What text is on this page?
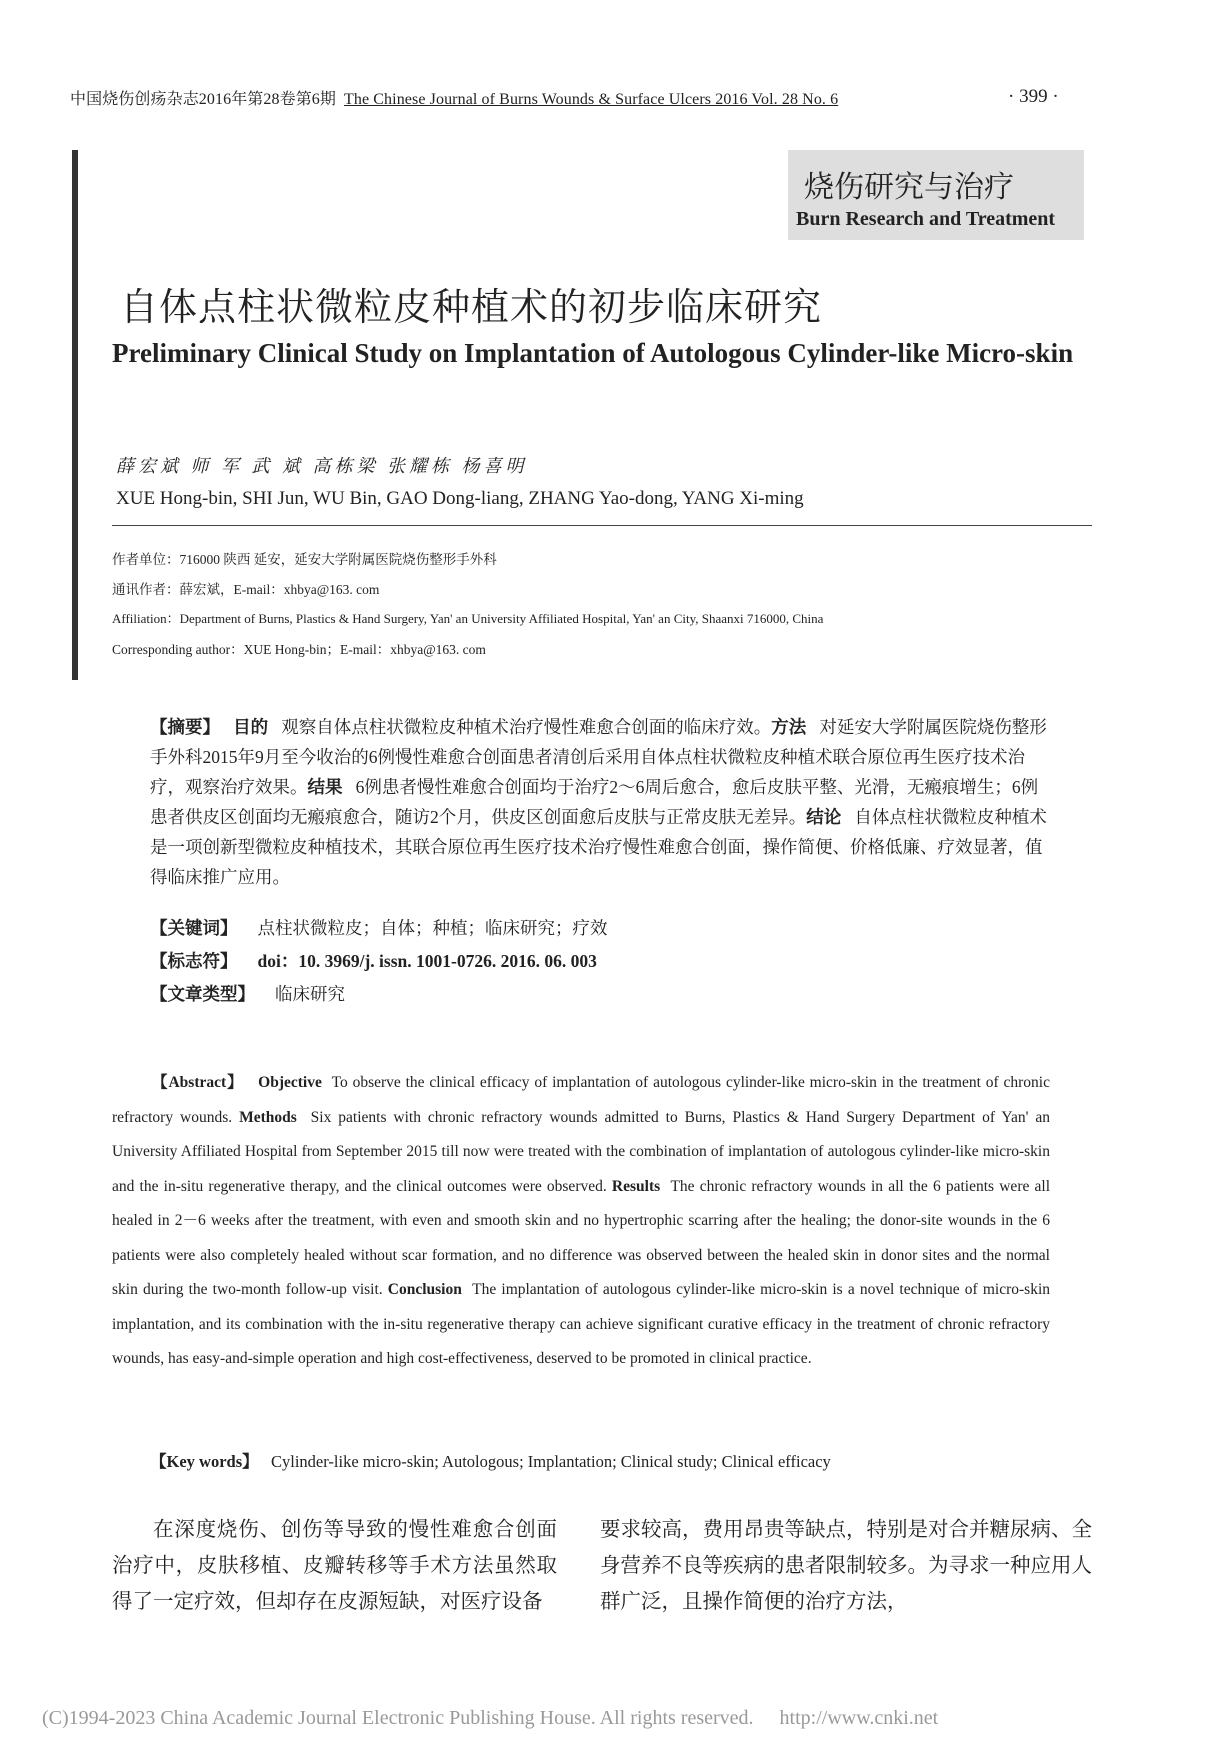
中国烧伤创疡杂志2016年第28卷第6期 The Chinese Journal of Burns Wounds & Surface Ulcers 2016 Vol. 28 No. 6	· 399 ·
烧伤研究与治疗
Burn Research and Treatment
自体点柱状微粒皮种植术的初步临床研究
Preliminary Clinical Study on Implantation of Autologous Cylinder-like Micro-skin
薛宏斌 师 军 武 斌 高栋梁 张耀栋 杨喜明
XUE Hong-bin, SHI Jun, WU Bin, GAO Dong-liang, ZHANG Yao-dong, YANG Xi-ming
作者单位：716000 陕西 延安，延安大学附属医院烧伤整形手外科
通讯作者：薛宏斌，E-mail：xhbya@163. com
Affiliation：Department of Burns, Plastics & Hand Surgery, Yan' an University Affiliated Hospital, Yan' an City, Shaanxi 716000, China
Corresponding author：XUE Hong-bin；E-mail：xhbya@163. com
【摘要】 目的 观察自体点柱状微粒皮种植术治疗慢性难愈合创面的临床疗效。方法 对延安大学附属医院烧伤整形手外科2015年9月至今收治的6例慢性难愈合创面患者清创后采用自体点柱状微粒皮种植术联合原位再生医疗技术治疗，观察治疗效果。结果 6例患者慢性难愈合创面均于治疗2～6周后愈合，愈后皮肤平整、光滑，无瘢痕增生；6例患者供皮区创面均无瘢痕愈合，随访2个月，供皮区创面愈后皮肤与正常皮肤无差异。结论 自体点柱状微粒皮种植术是一项创新型微粒皮种植技术，其联合原位再生医疗技术治疗慢性难愈合创面，操作简便、价格低廉、疗效显著，值得临床推广应用。
【关键词】 点柱状微粒皮；自体；种植；临床研究；疗效
【标志符】 doi：10. 3969/j. issn. 1001-0726. 2016. 06. 003
【文章类型】 临床研究
【Abstract】 Objective To observe the clinical efficacy of implantation of autologous cylinder-like micro-skin in the treatment of chronic refractory wounds. Methods Six patients with chronic refractory wounds admitted to Burns, Plastics & Hand Surgery Department of Yan' an University Affiliated Hospital from September 2015 till now were treated with the combination of implantation of autologous cylinder-like micro-skin and the in-situ regenerative therapy, and the clinical outcomes were observed. Results The chronic refractory wounds in all the 6 patients were all healed in 2－6 weeks after the treatment, with even and smooth skin and no hypertrophic scarring after the healing; the donor-site wounds in the 6 patients were also completely healed without scar formation, and no difference was observed between the healed skin in donor sites and the normal skin during the two-month follow-up visit. Conclusion The implantation of autologous cylinder-like micro-skin is a novel technique of micro-skin implantation, and its combination with the in-situ regenerative therapy can achieve significant curative efficacy in the treatment of chronic refractory wounds, has easy-and-simple operation and high cost-effectiveness, deserved to be promoted in clinical practice.
【Key words】 Cylinder-like micro-skin; Autologous; Implantation; Clinical study; Clinical efficacy
在深度烧伤、创伤等导致的慢性难愈合创面治疗中，皮肤移植、皮瓣转移等手术方法虽然取得了一定疗效，但却存在皮源短缺，对医疗设备
要求较高，费用昂贵等缺点，特别是对合并糖尿病、全身营养不良等疾病的患者限制较多。为寻求一种应用人群广泛，且操作简便的治疗方法，
(C)1994-2023 China Academic Journal Electronic Publishing House. All rights reserved. http://www.cnki.net
